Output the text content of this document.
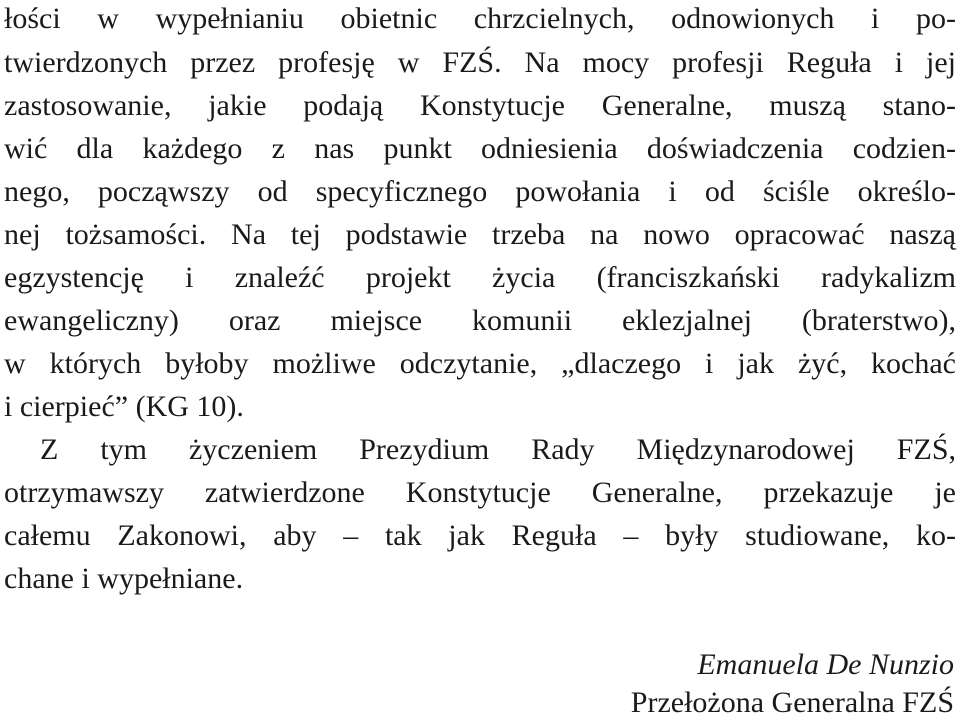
łości w wypełnianiu obietnic chrzcielnych, odnowionych i po-
twierdzonych przez profesję w FZŚ. Na mocy profesji Reguła i jej
zastosowanie, jakie podają Konstytucje Generalne, muszą stano-
wić dla każdego z nas punkt odniesienia doświadczenia codzien-
nego, począwszy od specyficznego powołania i od ściśle określo-
nej tożsamości. Na tej podstawie trzeba na nowo opracować naszą
egzystencję i znaleźć projekt życia (franciszkański radykalizm
ewangeliczny) oraz miejsce komunii eklezjalnej (braterstwo),
w których byłoby możliwe odczytanie, „dlaczego i jak żyć, kochać
i cierpieć” (KG 10).
Z tym życzeniem Prezydium Rady Międzynarodowej FZŚ,
otrzymawszy zatwierdzone Konstytucje Generalne, przekazuje je
całemu Zakonowi, aby – tak jak Reguła – były studiowane, ko-
chane i wypełniane.
Emanuela De Nunzio
Przełożona Generalna FZŚ
